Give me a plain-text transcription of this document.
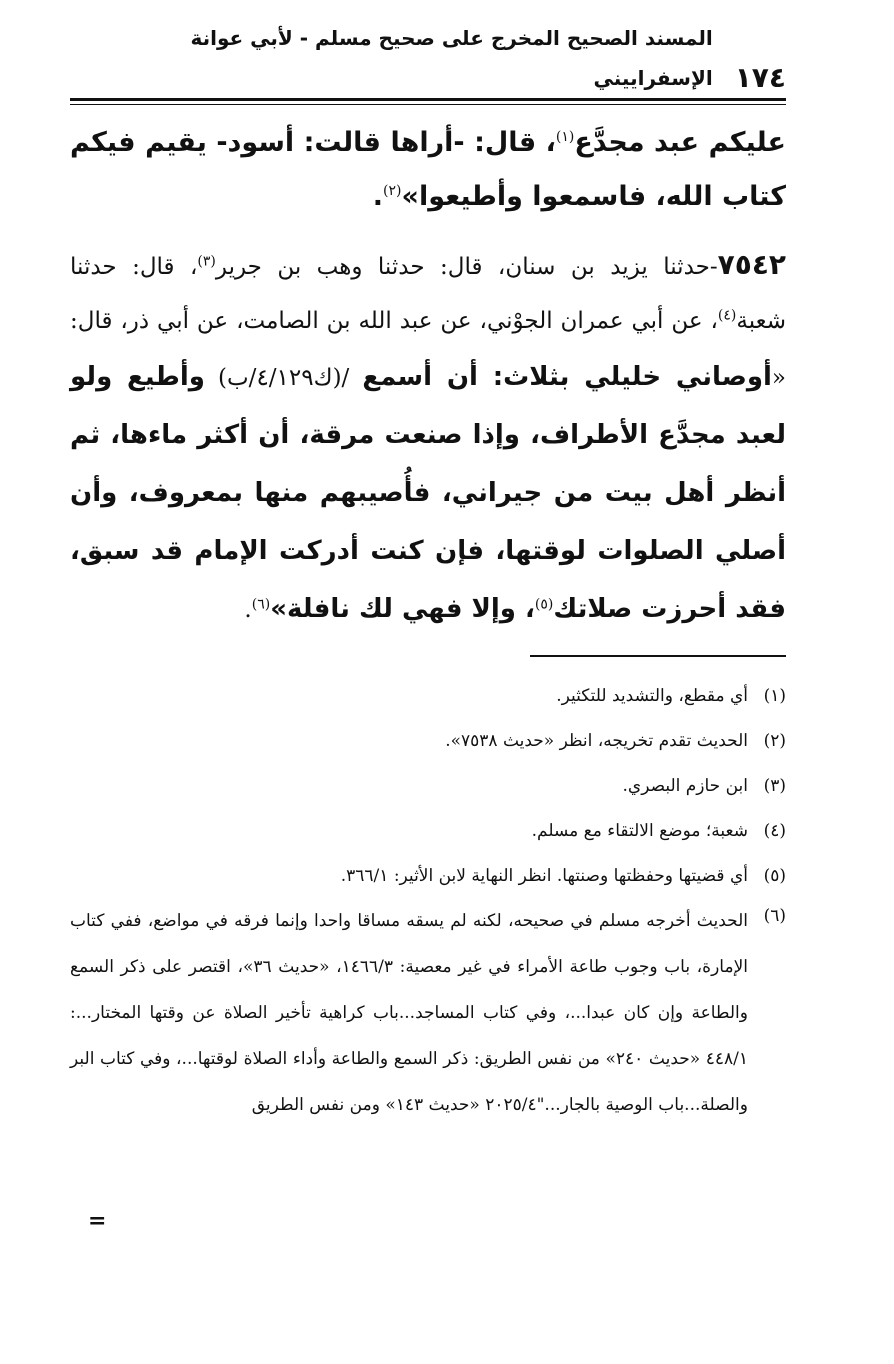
١٧٤
المسند الصحيح المخرج على صحيح مسلم - لأبي عوانة الإسفراييني

عليكم عبد مجدَّع$^{(١)}$، قال: -أراها قالت: أسود- يقيم فيكم كتاب الله، فاسمعوا وأطيعوا»$^{(٢)}$.

٧٥٤٢-حدثنا يزيد بن سنان، قال: حدثنا وهب بن جرير$^{(٣)}$، قال: حدثنا شعبة$^{(٤)}$، عن أبي عمران الجوْني، عن عبد الله بن الصامت، عن أبي ذر، قال: «أوصاني خليلي بثلاث: أن أسمع /(ك٤/١٢٩/ب) وأطيع ولو لعبد مجدَّع الأطراف، وإذا صنعت مرقة، أن أكثر ماءها، ثم أنظر أهل بيت من جيراني، فأُصيبهم منها بمعروف، وأن أصلي الصلوات لوقتها، فإن كنت أدركت الإمام قد سبق، فقد أحرزت صلاتك$^{(٥)}$، وإلا فهي لك نافلة»$^{(٦)}$.

(١)
أي مقطع، والتشديد للتكثير.
(٢)
الحديث تقدم تخريجه، انظر «حديث ٧٥٣٨».
(٣)
ابن حازم البصري.
(٤)
شعبة؛ موضع الالتقاء مع مسلم.
(٥)
أي قضيتها وحفظتها وصنتها. انظر النهاية لابن الأثير: ٣٦٦/١.
(٦)
الحديث أخرجه مسلم في صحيحه، لكنه لم يسقه مساقا واحدا وإنما فرقه في مواضع، ففي كتاب الإمارة، باب وجوب طاعة الأمراء في غير معصية: ١٤٦٦/٣، «حديث ٣٦»، اقتصر على ذكر السمع والطاعة وإن كان عبدا...، وفي كتاب المساجد...باب كراهية تأخير الصلاة عن وقتها المختار...: ٤٤٨/١ «حديث ٢٤٠» من نفس الطريق: ذكر السمع والطاعة وأداء الصلاة لوقتها...، وفي كتاب البر والصلة...باب الوصية بالجار..."٢٠٢٥/٤ «حديث ١٤٣» ومن نفس الطريق
=
